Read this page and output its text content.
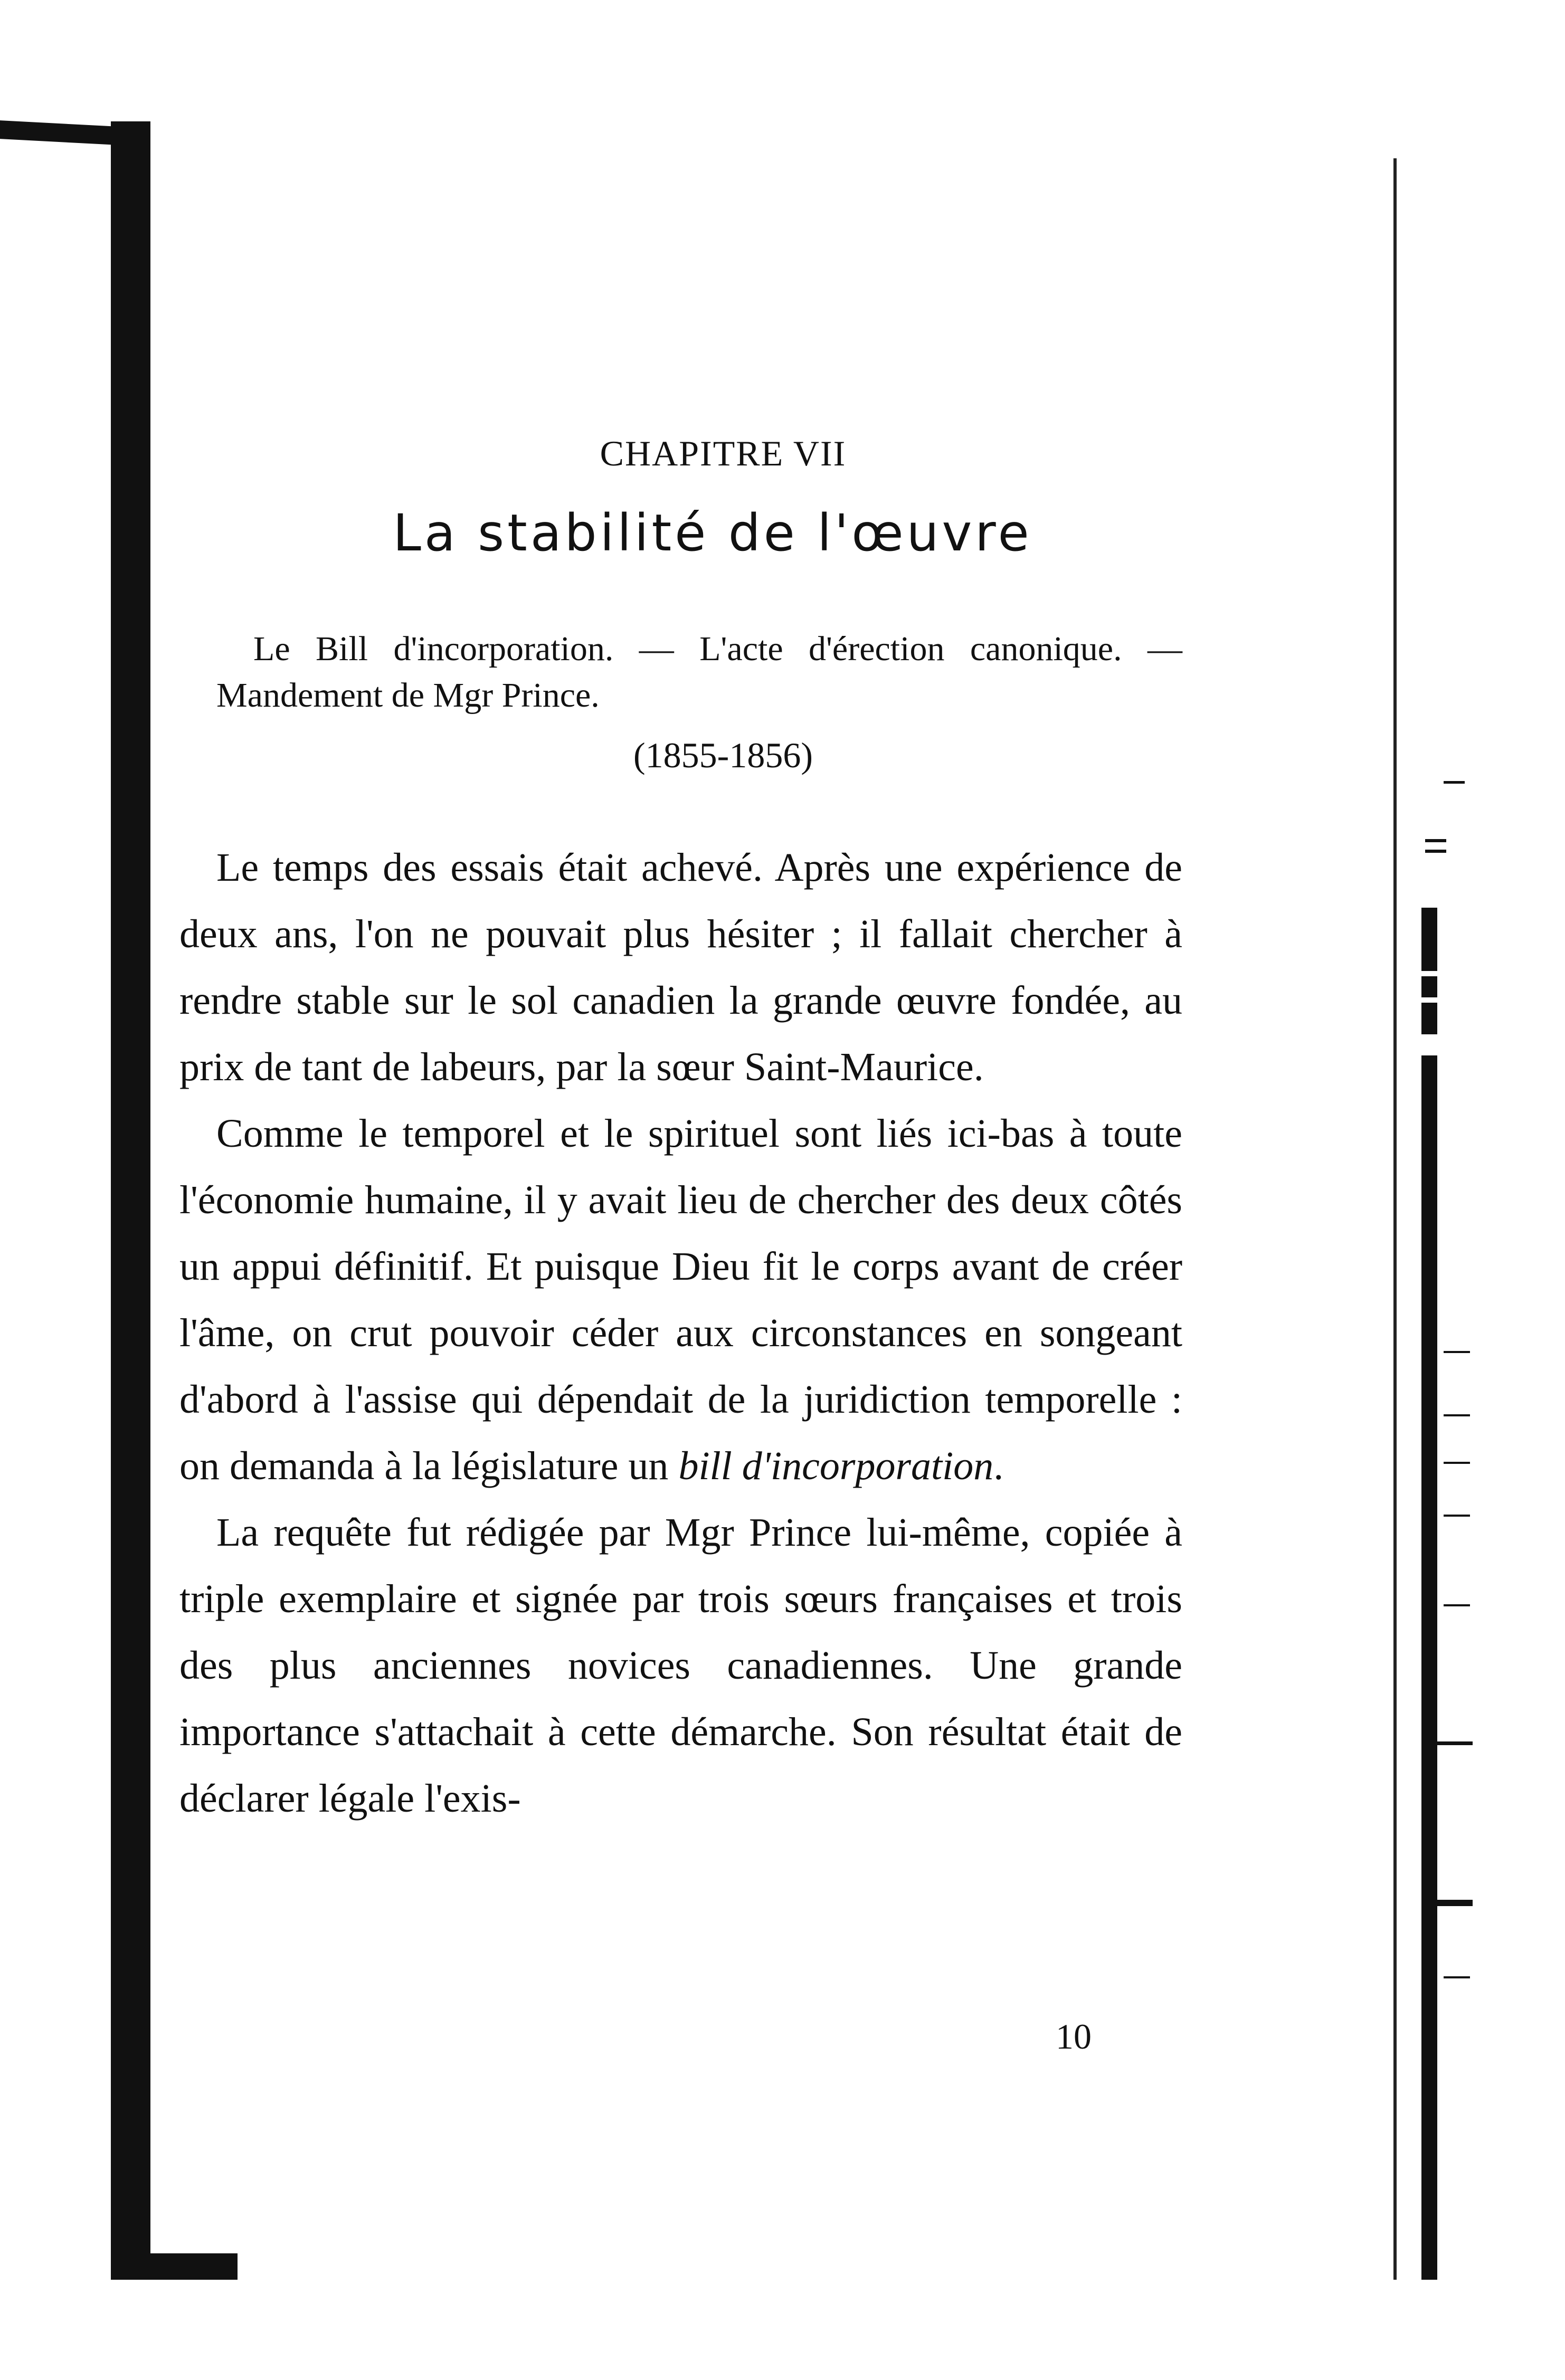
CHAPITRE VII
La stabilité de l'œuvre

Le Bill d'incorporation. — L'acte d'érection canonique. — Mandement de Mgr Prince.

(1855-1856)

Le temps des essais était achevé. Après une expérience de deux ans, l'on ne pouvait plus hésiter ; il fallait chercher à rendre stable sur le sol canadien la grande œuvre fondée, au prix de tant de labeurs, par la sœur Saint-Maurice.

Comme le temporel et le spirituel sont liés ici-bas à toute l'économie humaine, il y avait lieu de chercher des deux côtés un appui définitif. Et puisque Dieu fit le corps avant de créer l'âme, on crut pouvoir céder aux circonstances en songeant d'abord à l'assise qui dépendait de la juridiction temporelle : on demanda à la législature un bill d'incorporation.

La requête fut rédigée par Mgr Prince lui-même, copiée à triple exemplaire et signée par trois sœurs françaises et trois des plus anciennes novices canadiennes. Une grande importance s'attachait à cette démarche. Son résultat était de déclarer légale l'exis-

10
